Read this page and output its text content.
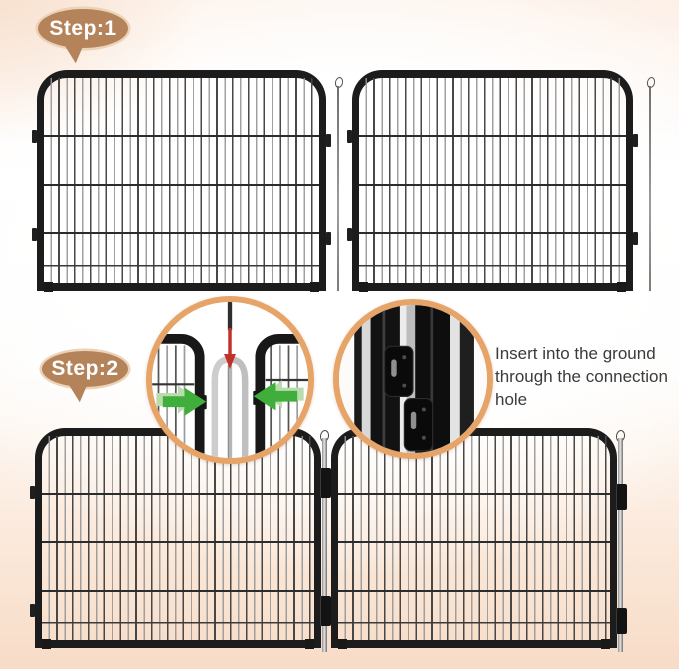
Step:1
Step:2
Insert into the ground through the connection hole
